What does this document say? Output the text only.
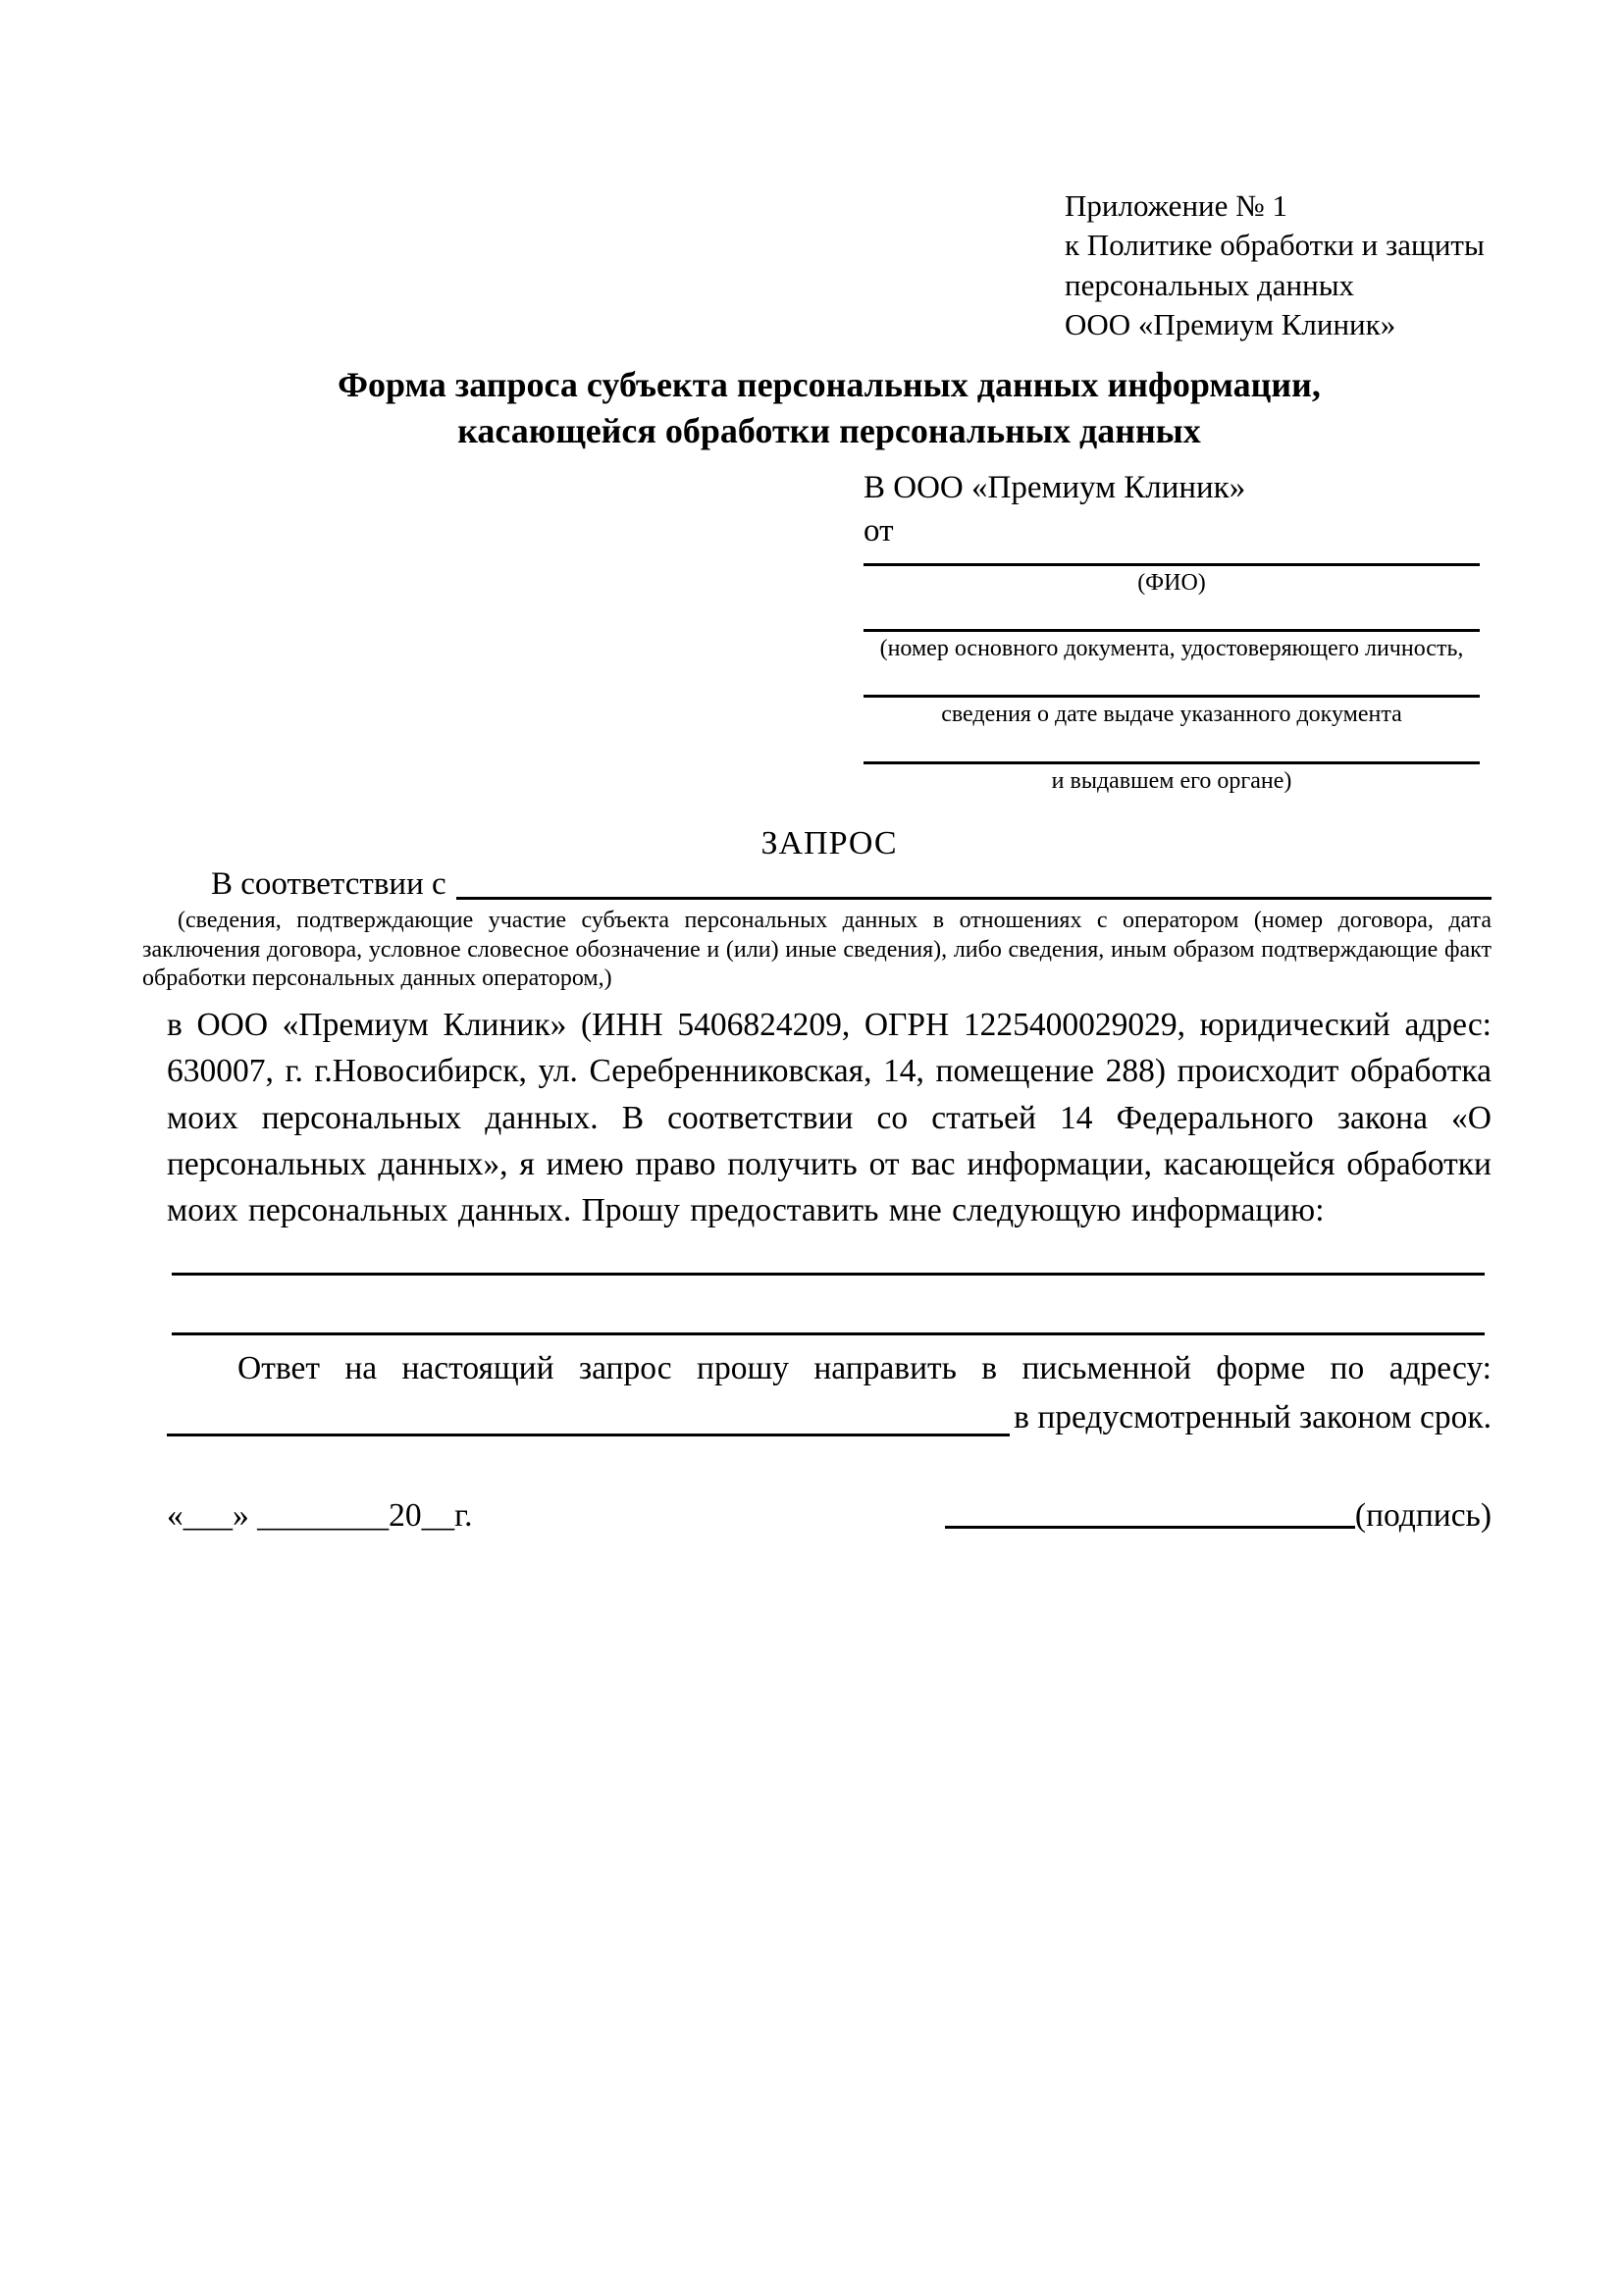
Приложение № 1
к Политике обработки и защиты
персональных данных
ООО «Премиум Клиник»
Форма запроса субъекта персональных данных информации,
касающейся обработки персональных данных
В ООО «Премиум Клиник»
от
(ФИО)
(номер основного документа, удостоверяющего личность,
сведения о дате выдаче указанного документа
и выдавшем его органе)
ЗАПРОС
В соответствии с

(сведения, подтверждающие участие субъекта персональных данных в отношениях с оператором (номер договора, дата заключения договора, условное словесное обозначение и (или) иные сведения), либо сведения, иным образом подтверждающие факт обработки персональных данных оператором,)

в ООО «Премиум Клиник» (ИНН 5406824209, ОГРН 1225400029029, юридический адрес: 630007, г. г.Новосибирск, ул. Серебренниковская, 14, помещение 288) происходит обработка моих персональных данных. В соответствии со статьей 14 Федерального закона «О персональных данных», я имею право получить от вас информации, касающейся обработки моих персональных данных. Прошу предоставить мне следующую информацию:

Ответ на настоящий запрос прошу направить в письменной форме по адресу:
в предусмотренный законом срок.
«___» ________20__г.	(подпись)
